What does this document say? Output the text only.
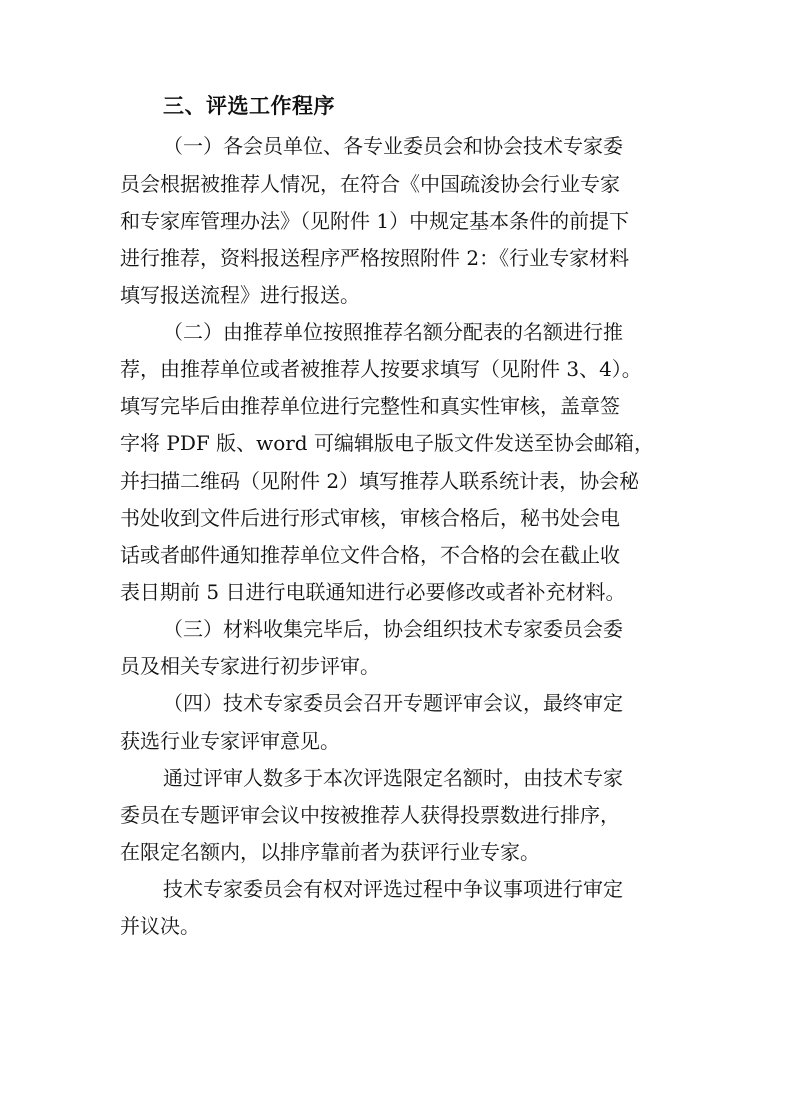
三、评选工作程序
（一）各会员单位、各专业委员会和协会技术专家委
员会根据被推荐人情况，在符合《中国疏浚协会行业专家
和专家库管理办法》（见附件 1）中规定基本条件的前提下
进行推荐，资料报送程序严格按照附件 2：《行业专家材料
填写报送流程》进行报送。
（二）由推荐单位按照推荐名额分配表的名额进行推
荐，由推荐单位或者被推荐人按要求填写（见附件 3、4）。
填写完毕后由推荐单位进行完整性和真实性审核，盖章签
字将 PDF 版、word 可编辑版电子版文件发送至协会邮箱，
并扫描二维码（见附件 2）填写推荐人联系统计表，协会秘
书处收到文件后进行形式审核，审核合格后，秘书处会电
话或者邮件通知推荐单位文件合格，不合格的会在截止收
表日期前 5 日进行电联通知进行必要修改或者补充材料。
（三）材料收集完毕后，协会组织技术专家委员会委
员及相关专家进行初步评审。
（四）技术专家委员会召开专题评审会议，最终审定
获选行业专家评审意见。
通过评审人数多于本次评选限定名额时，由技术专家
委员在专题评审会议中按被推荐人获得投票数进行排序，
在限定名额内，以排序靠前者为获评行业专家。
技术专家委员会有权对评选过程中争议事项进行审定
并议决。
